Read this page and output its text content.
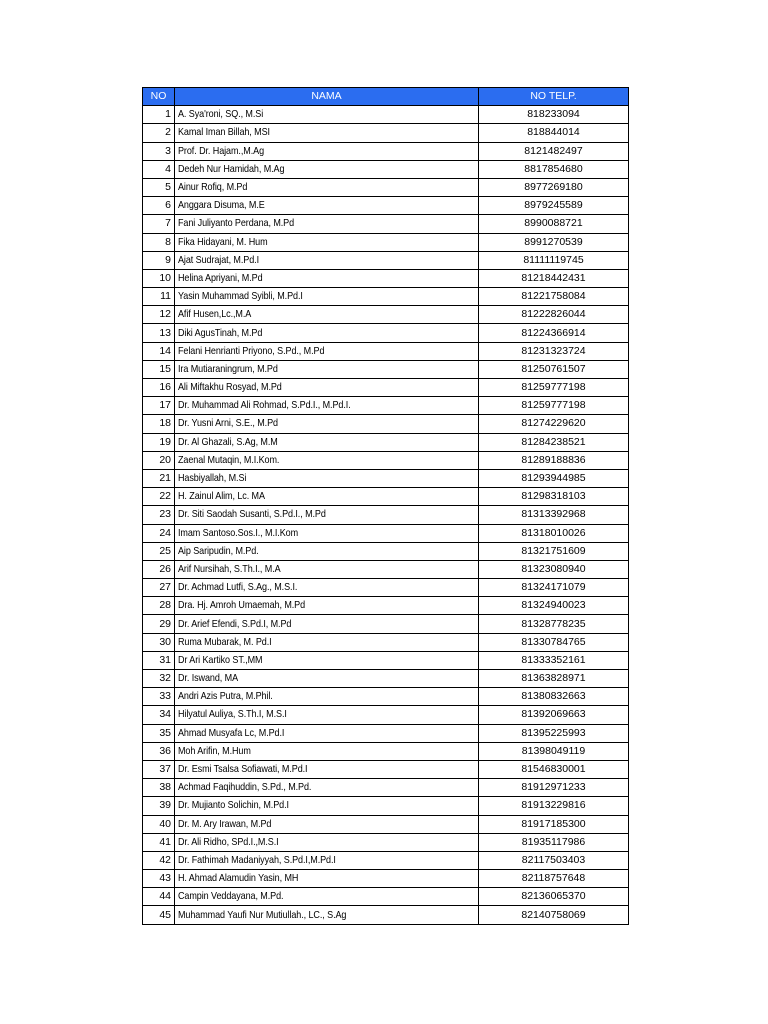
NO	NAMA	NO TELP.
1	A. Sya'roni, SQ., M.Si	818233094
2	Kamal Iman Billah, MSI	818844014
3	Prof. Dr. Hajam.,M.Ag	8121482497
4	Dedeh Nur Hamidah, M.Ag	8817854680
5	Ainur Rofiq, M.Pd	8977269180
6	Anggara Disuma, M.E	8979245589
7	Fani Juliyanto Perdana, M.Pd	8990088721
8	Fika Hidayani, M. Hum	8991270539
9	Ajat Sudrajat, M.Pd.I	81111119745
10	Helina Apriyani, M.Pd	81218442431
11	Yasin Muhammad Syibli, M.Pd.I	81221758084
12	Afif Husen,Lc.,M.A	81222826044
13	Diki AgusTinah, M.Pd	81224366914
14	Felani Henrianti Priyono, S.Pd., M.Pd	81231323724
15	Ira Mutiaraningrum, M.Pd	81250761507
16	Ali Miftakhu Rosyad, M.Pd	81259777198
17	Dr. Muhammad Ali Rohmad, S.Pd.I., M.Pd.I.	81259777198
18	Dr. Yusni Arni, S.E., M.Pd	81274229620
19	Dr. Al Ghazali, S.Ag, M.M	81284238521
20	Zaenal Mutaqin, M.I.Kom.	81289188836
21	Hasbiyallah, M.Si	81293944985
22	H. Zainul Alim, Lc. MA	81298318103
23	Dr. Siti Saodah Susanti, S.Pd.I., M.Pd	81313392968
24	Imam Santoso.Sos.I., M.I.Kom	81318010026
25	Aip Saripudin, M.Pd.	81321751609
26	Arif Nursihah, S.Th.I., M.A	81323080940
27	Dr. Achmad Lutfi, S.Ag., M.S.I.	81324171079
28	Dra. Hj. Amroh Umaemah, M.Pd	81324940023
29	Dr. Arief Efendi, S.Pd.I, M.Pd	81328778235
30	Ruma Mubarak, M. Pd.I	81330784765
31	Dr Ari Kartiko ST.,MM	81333352161
32	Dr. Iswand, MA	81363828971
33	Andri Azis Putra, M.Phil.	81380832663
34	Hilyatul Auliya, S.Th.I, M.S.I	81392069663
35	Ahmad Musyafa Lc, M.Pd.I	81395225993
36	Moh Arifin, M.Hum	81398049119
37	Dr. Esmi Tsalsa Sofiawati, M.Pd.I	81546830001
38	Achmad Faqihuddin, S.Pd., M.Pd.	81912971233
39	Dr. Mujianto Solichin, M.Pd.I	81913229816
40	Dr. M. Ary Irawan, M.Pd	81917185300
41	Dr. Ali Ridho, SPd.I.,M.S.I	81935117986
42	Dr. Fathimah Madaniyyah, S.Pd.I,M.Pd.I	82117503403
43	H. Ahmad Alamudin Yasin, MH	82118757648
44	Campin Veddayana, M.Pd.	82136065370
45	Muhammad Yaufi Nur Mutiullah., LC., S.Ag	82140758069
